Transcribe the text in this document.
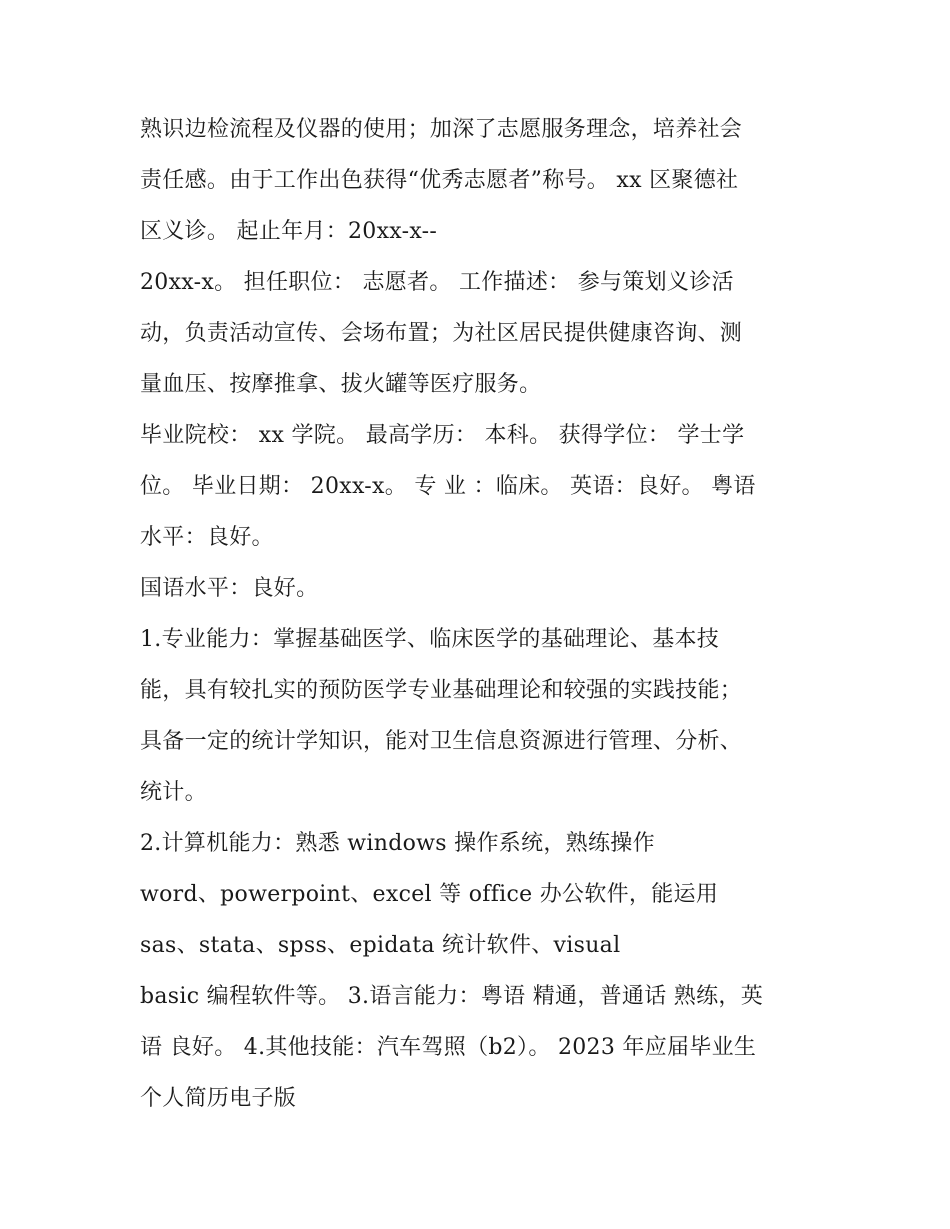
熟识边检流程及仪器的使用；加深了志愿服务理念，培养社会
责任感。由于工作出色获得“优秀志愿者”称号。 xx 区聚德社
区义诊。 起止年月：20xx-x--
20xx-x。 担任职位： 志愿者。 工作描述： 参与策划义诊活
动，负责活动宣传、会场布置；为社区居民提供健康咨询、测
量血压、按摩推拿、拔火罐等医疗服务。
毕业院校： xx 学院。 最高学历： 本科。 获得学位： 学士学
位。 毕业日期： 20xx-x。 专 业 ：临床。 英语：良好。 粤语
水平：良好。
国语水平：良好。
1.专业能力：掌握基础医学、临床医学的基础理论、基本技
能，具有较扎实的预防医学专业基础理论和较强的实践技能；
具备一定的统计学知识，能对卫生信息资源进行管理、分析、
统计。
2.计算机能力：熟悉 windows 操作系统，熟练操作
word、powerpoint、excel 等 office 办公软件，能运用
sas、stata、spss、epidata 统计软件、visual
basic 编程软件等。 3.语言能力：粤语 精通，普通话 熟练，英
语 良好。 4.其他技能：汽车驾照（b2）。 2023 年应届毕业生
个人简历电子版
